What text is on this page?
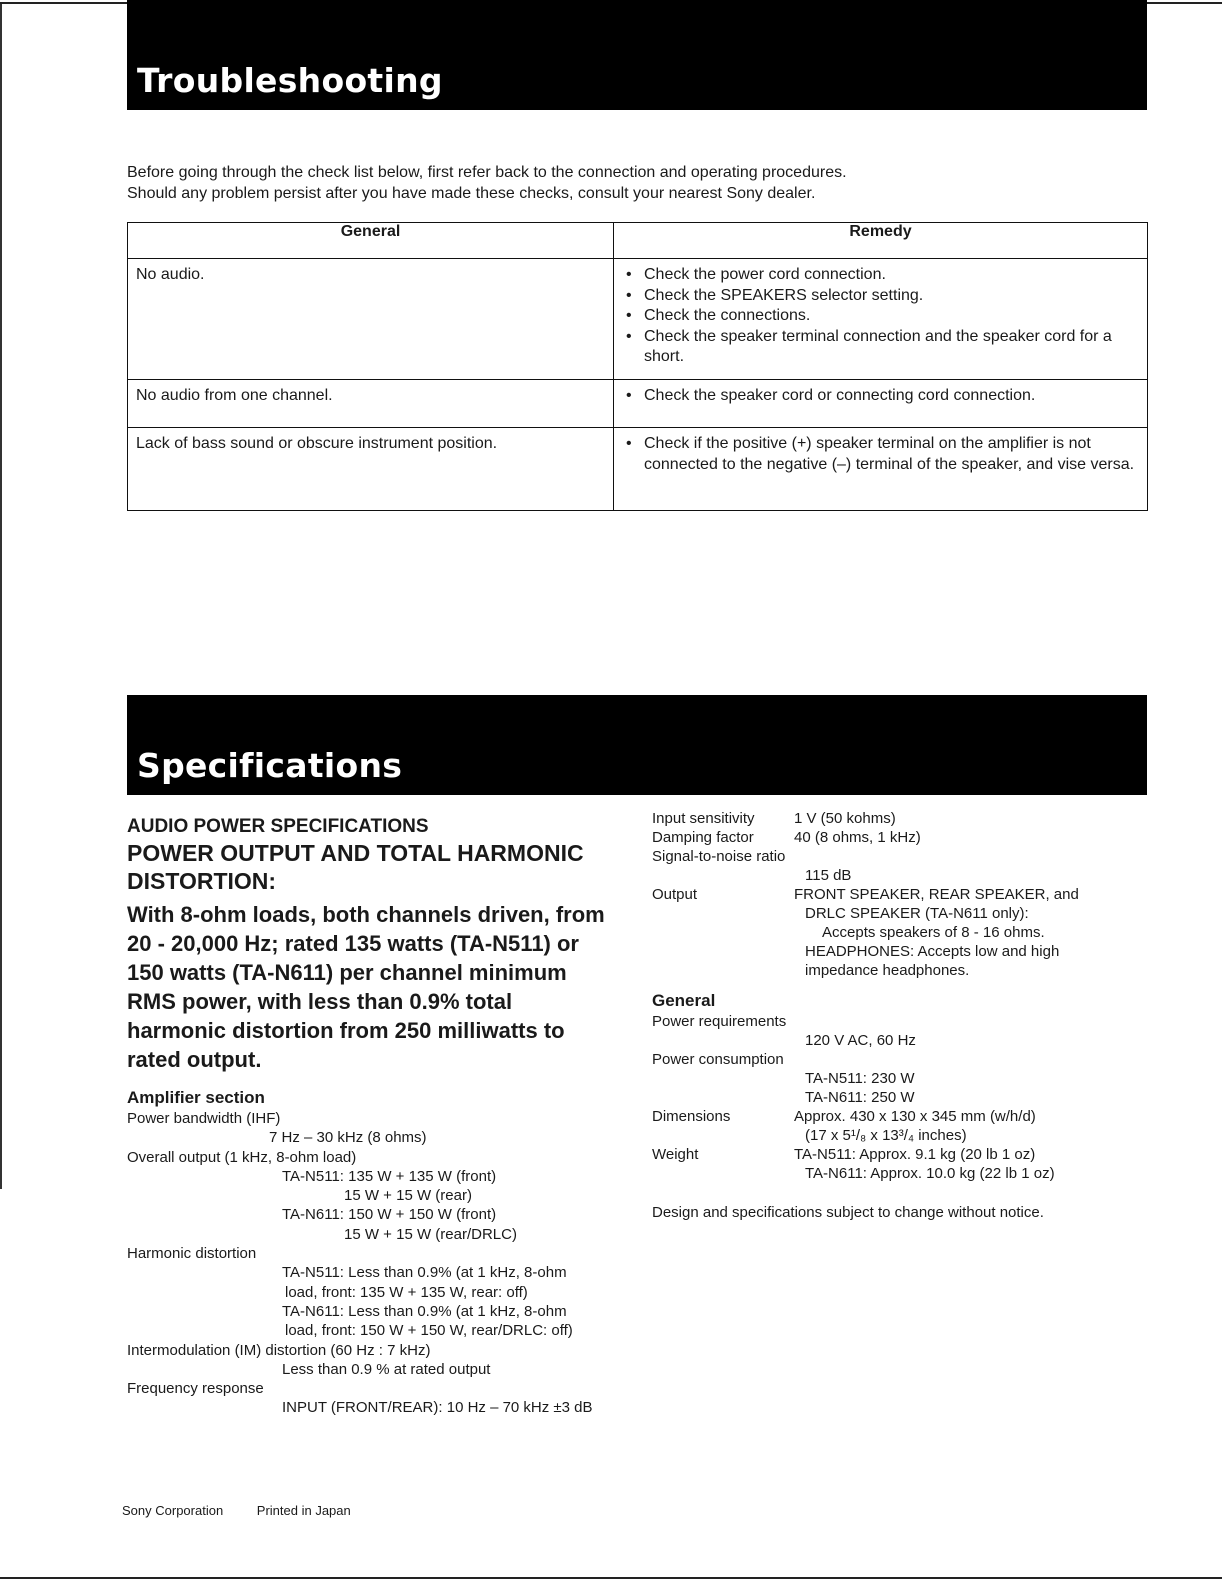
Troubleshooting
Before going through the check list below, first refer back to the connection and operating procedures.
Should any problem persist after you have made these checks, consult your nearest Sony dealer.
General	Remedy
No audio.	• Check the power cord connection.
• Check the SPEAKERS selector setting.
• Check the connections.
• Check the speaker terminal connection and the speaker cord for a short.

No audio from one channel.	• Check the speaker cord or connecting cord connection.

Lack of bass sound or obscure instrument position.	• Check if the positive (+) speaker terminal on the amplifier is not connected to the negative (–) terminal of the speaker, and vise versa.
Specifications
AUDIO POWER SPECIFICATIONS
POWER OUTPUT AND TOTAL HARMONIC DISTORTION:
With 8-ohm loads, both channels driven, from 20 - 20,000 Hz; rated 135 watts (TA-N511) or 150 watts (TA-N611) per channel minimum RMS power, with less than 0.9% total harmonic distortion from 250 milliwatts to rated output.
Amplifier section
Power bandwidth (IHF)
7 Hz – 30 kHz (8 ohms)
Overall output (1 kHz, 8-ohm load)
TA-N511: 135 W + 135 W (front)
15 W + 15 W (rear)
TA-N611: 150 W + 150 W (front)
15 W + 15 W (rear/DRLC)
Harmonic distortion
TA-N511: Less than 0.9% (at 1 kHz, 8-ohm
load, front: 135 W + 135 W, rear: off)
TA-N611: Less than 0.9% (at 1 kHz, 8-ohm
load, front: 150 W + 150 W, rear/DRLC: off)
Intermodulation (IM) distortion (60 Hz : 7 kHz)
Less than 0.9 % at rated output
Frequency response
INPUT (FRONT/REAR): 10 Hz – 70 kHz ±3 dB
Input sensitivity	1 V (50 kohms)
Damping factor	40 (8 ohms, 1 kHz)
Signal-to-noise ratio
115 dB
Output	FRONT SPEAKER, REAR SPEAKER, and
DRLC SPEAKER (TA-N611 only):
Accepts speakers of 8 - 16 ohms.
HEADPHONES: Accepts low and high
impedance headphones.
General
Power requirements
120 V AC, 60 Hz
Power consumption
TA-N511: 230 W
TA-N611: 250 W
Dimensions	Approx. 430 x 130 x 345 mm (w/h/d)
(17 x 5¹/₈ x 13³/₄ inches)
Weight	TA-N511: Approx. 9.1 kg (20 lb 1 oz)
TA-N611: Approx. 10.0 kg (22 lb 1 oz)
Design and specifications subject to change without notice.
Sony Corporation	Printed in Japan
